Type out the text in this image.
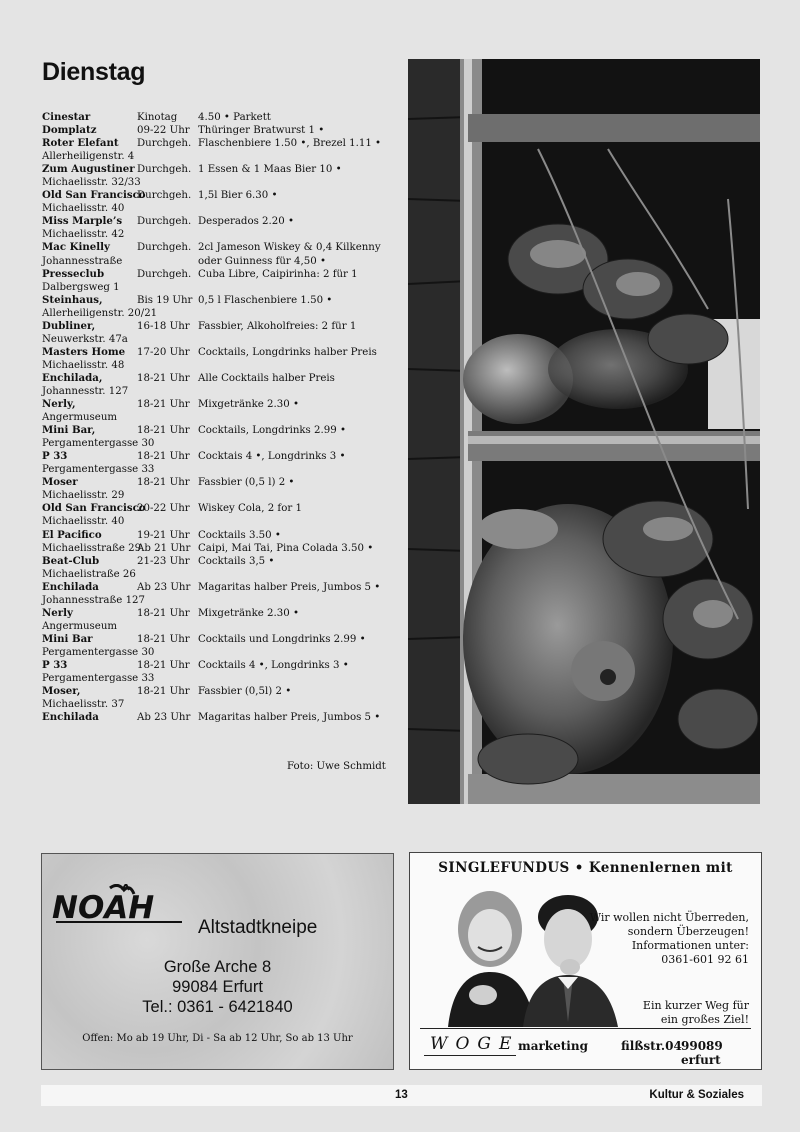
Dienstag
Cinestar	Kinotag 4.50 • Parkett
Domplatz	09-22 Uhr Thüringer Bratwurst 1 •
Roter Elefant Durchgeh. Flaschenbiere 1.50 •, Brezel 1.11 •
Allerheiligenstr. 4
Zum Augustiner Durchgeh. 1 Essen & 1 Maas Bier 10 •
Michaelisstr. 32/33
Old San Francisco
Durchgeh. 1,5l Bier 6.30 •
Michaelisstr. 40
Miss Marple’s Durchgeh. Desperados 2.20 •
Michaelisstr. 42
Mac Kinelly	Durchgeh. 2cl Jameson Wiskey & 0,4 Kilkenny
Johannesstraße	oder Guinness für 4,50 •
Presseclub	Durchgeh. Cuba Libre, Caipirinha: 2 für 1
Dalbergsweg 1
Steinhaus,	Bis 19 Uhr 0,5 l Flaschenbiere 1.50 •
Allerheiligenstr. 20/21
Dubliner,	16-18 Uhr Fassbier, Alkoholfreies: 2 für 1
Neuwerkstr. 47a
Masters Home 17-20 Uhr Cocktails, Longdrinks halber Preis
Michaelisstr. 48
Enchilada,	18-21 Uhr Alle Cocktails halber Preis
Johannesstr. 127
Nerly,	18-21 Uhr Mixgetränke 2.30 •
Angermuseum
Mini Bar,	18-21 Uhr Cocktails, Longdrinks 2.99 •
Pergamentergasse 30
P 33	18-21 Uhr Cocktais 4 •, Longdrinks 3 •
Pergamentergasse 33
Moser	18-21 Uhr Fassbier (0,5 l) 2 •
Michaelisstr. 29
Old San Francisco
20-22 Uhr Wiskey Cola, 2 for 1
Michaelisstr. 40
El Pacifico	19-21 Uhr Cocktails 3.50 •
Michaelisstraße 29
Ab 21 Uhr Caipi, Mai Tai, Pina Colada 3.50 •
Beat-Club	21-23 Uhr Cocktails 3,5 •
Michaelistraße 26
Enchilada	Ab 23 Uhr Magaritas halber Preis, Jumbos 5 •
Johannesstraße 127
Nerly	18-21 Uhr Mixgetränke 2.30 •
Angermuseum
Mini Bar	18-21 Uhr Cocktails und Longdrinks 2.99 •
Pergamentergasse 30
P 33	18-21 Uhr Cocktails 4 •, Longdrinks 3 •
Pergamentergasse 33
Moser,	18-21 Uhr Fassbier (0,5l) 2 •
Michaelisstr. 37
Enchilada	Ab 23 Uhr Magaritas halber Preis, Jumbos 5 •
Foto: Uwe Schmidt
NOAH
Altstadtkneipe
Große Arche 8
99084 Erfurt
Tel.: 0361 - 6421840
Offen: Mo ab 19 Uhr, Di - Sa ab 12 Uhr, So ab 13 Uhr
SINGLEFUNDUS • Kennenlernen mit
Wir wollen nicht Überreden,
sondern Überzeugen!
Informationen unter:
0361-601 92 61
Ein kurzer Weg für
ein großes Ziel!
WOGE
marketing	filßstr.04 99089 erfurt
13	Kultur & Soziales
